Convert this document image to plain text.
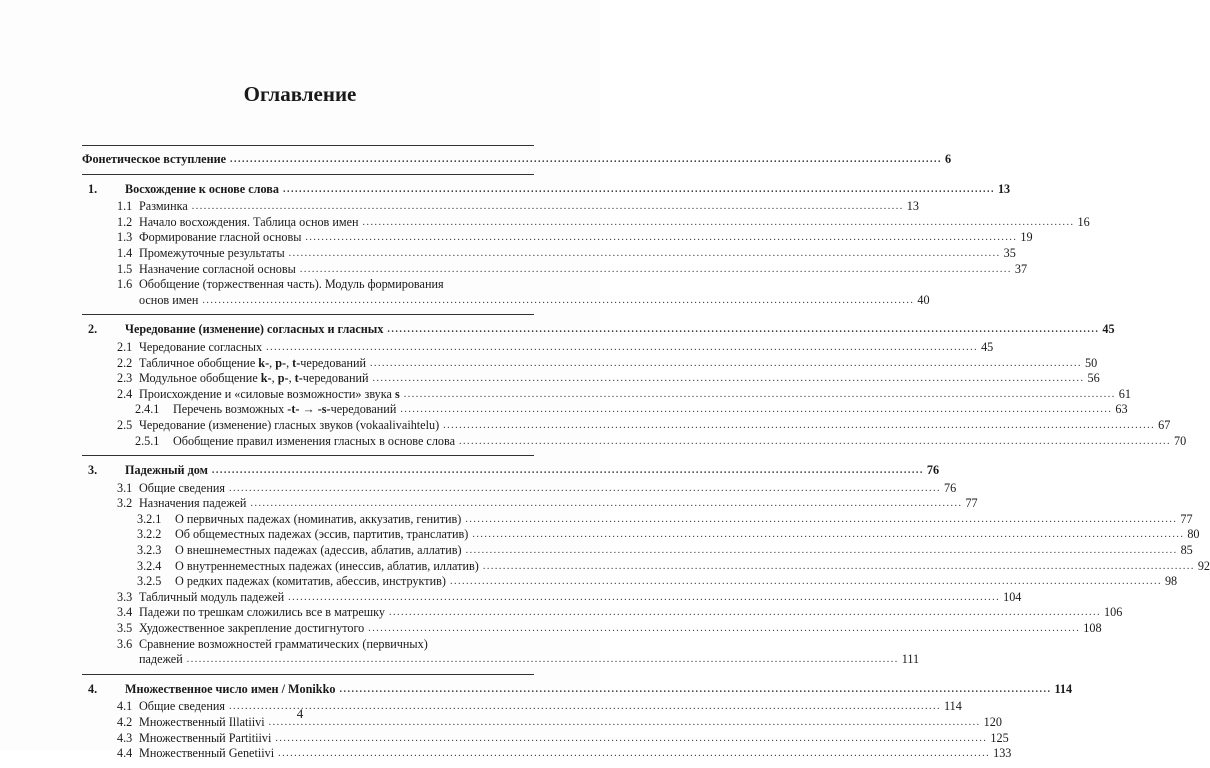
Оглавление
Фонетическое вступление .....	6
1.	Восхождение к основе слова .....	13
1.1 Разминка .....	13
1.2 Начало восхождения. Таблица основ имен .....	16
1.3 Формирование гласной основы .....	19
1.4 Промежуточные результаты .....	35
1.5 Назначение согласной основы .....	37
1.6 Обобщение (торжественная часть). Модуль формирования
основ имен .....	40
2.	Чередование (изменение) согласных и гласных .....	45
2.1 Чередование согласных .....	45
2.2 Табличное обобщение k-, p-, t-чередований .....	50
2.3 Модульное обобщение k-, p-, t-чередований .....	56
2.4 Происхождение и «силовые возможности» звука s .....	61
2.4.1	Перечень возможных -t- → -s-чередований .....	63
2.5 Чередование (изменение) гласных звуков (vokaalivaihtelu) .....	67
2.5.1	Обобщение правил изменения гласных в основе слова .....	70
3.	Падежный дом .....	76
3.1 Общие сведения .....	76
3.2 Назначения падежей .....	77
3.2.1	О первичных падежах (номинатив, аккузатив, генитив) .....	77
3.2.2	Об общеместных падежах (эссив, партитив, транслатив) .....	80
3.2.3	О внешнеместных падежах (адессив, аблатив, аллатив) .....	85
3.2.4	О внутреннеместных падежах (инессив, аблатив, иллатив) .....	92
3.2.5	О редких падежах (комитатив, абессив, инструктив) .....	98
3.3 Табличный модуль падежей .....	104
3.4 Падежи по трешкам сложились все в матрешку .....	106
3.5 Художественное закрепление достигнутого .....	108
3.6 Сравнение возможностей грамматических (первичных)
падежей .....	111
4.	Множественное число имен / Monikko .....	114
4.1 Общие сведения .....	114
4.2 Множественный Illatiivi .....	120
4.3 Множественный Partitiivi .....	125
4.4 Множественный Genetiivi .....	133
4
